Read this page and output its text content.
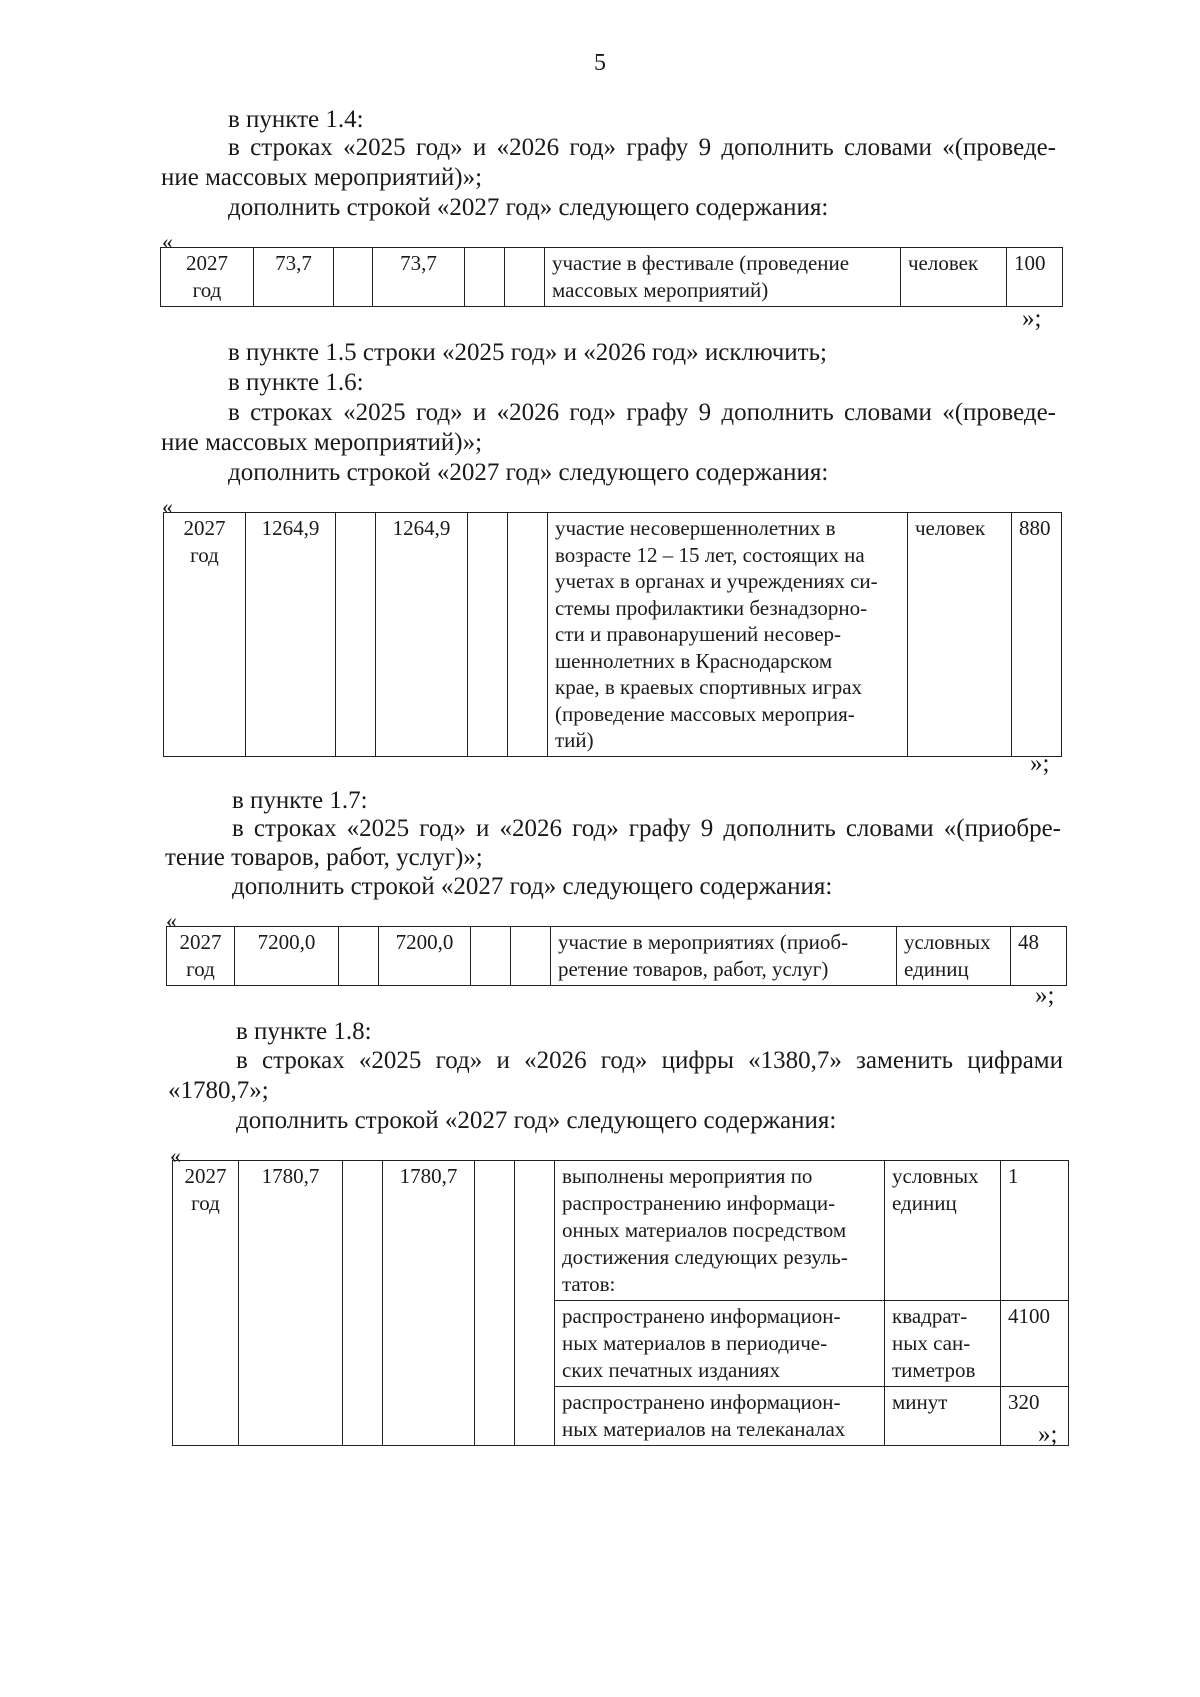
5
в пункте 1.4:
в строках «2025 год» и «2026 год» графу 9 дополнить словами «(проведе-
ние массовых мероприятий)»;
дополнить строкой «2027 год» следующего содержания:
«
2027
год	73,7		73,7			участие в фестивале (проведение
массовых мероприятий)	человек	100
»;
в пункте 1.5 строки «2025 год» и «2026 год» исключить;
в пункте 1.6:
в строках «2025 год» и «2026 год» графу 9 дополнить словами «(проведе-
ние массовых мероприятий)»;
дополнить строкой «2027 год» следующего содержания:
«
2027
год	1264,9		1264,9			участие несовершеннолетних в
возрасте 12 – 15 лет, состоящих на
учетах в органах и учреждениях си-
стемы профилактики безнадзорно-
сти и правонарушений несовер-
шеннолетних в Краснодарском
крае, в краевых спортивных играх
(проведение массовых мероприя-
тий)	человек	880
»;
в пункте 1.7:
в строках «2025 год» и «2026 год» графу 9 дополнить словами «(приобре-
тение товаров, работ, услуг)»;
дополнить строкой «2027 год» следующего содержания:
«
2027
год	7200,0		7200,0			участие в мероприятиях (приоб-
ретение товаров, работ, услуг)	условных
единиц	48
»;
в пункте 1.8:
в строках «2025 год» и «2026 год» цифры «1380,7» заменить цифрами
«1780,7»;
дополнить строкой «2027 год» следующего содержания:
«
2027
год	1780,7		1780,7			выполнены мероприятия по
распространению информаци-
онных материалов посредством
достижения следующих резуль-
татов:	условных
единиц	1
						распространено информацион-
ных материалов в периодиче-
ских печатных изданиях	квадрат-
ных сан-
тиметров	4100
						распространено информацион-
ных материалов на телеканалах	минут	320
»;
